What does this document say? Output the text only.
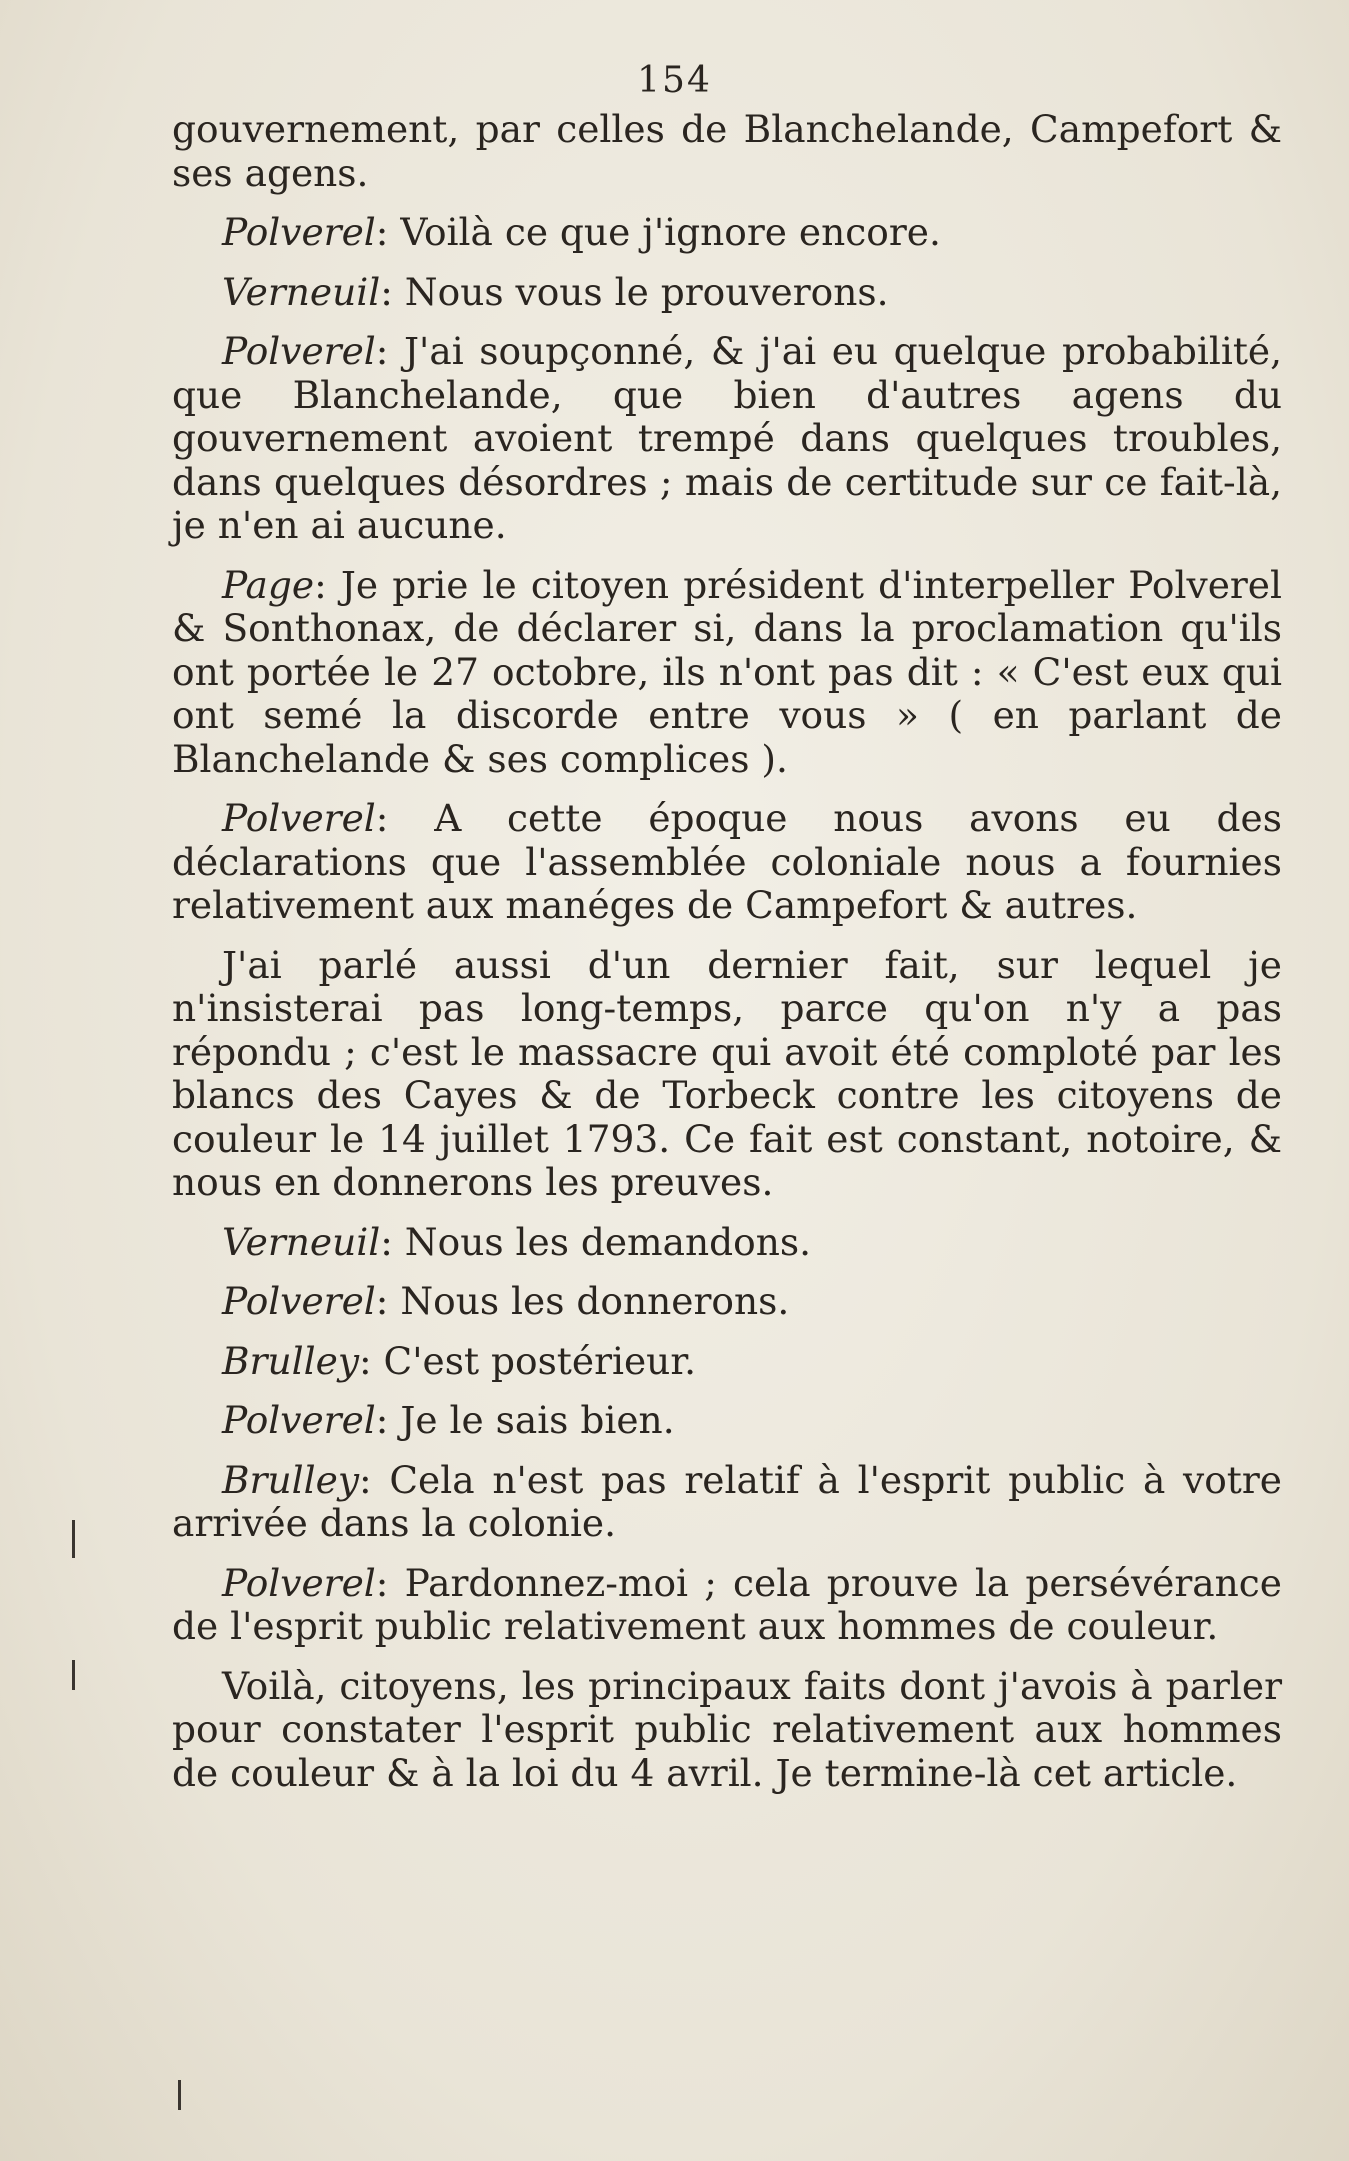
154

gouvernement, par celles de Blanchelande, Campefort & ses agens.

Polverel: Voilà ce que j'ignore encore.

Verneuil: Nous vous le prouverons.

Polverel: J'ai soupçonné, & j'ai eu quelque probabilité, que Blanchelande, que bien d'autres agens du gouvernement avoient trempé dans quelques troubles, dans quelques désordres ; mais de certitude sur ce fait-là, je n'en ai aucune.

Page: Je prie le citoyen président d'interpeller Polverel & Sonthonax, de déclarer si, dans la proclamation qu'ils ont portée le 27 octobre, ils n'ont pas dit : « C'est eux qui ont semé la discorde entre vous » ( en parlant de Blanchelande & ses complices ).

Polverel: A cette époque nous avons eu des déclarations que l'assemblée coloniale nous a fournies relativement aux manéges de Campefort & autres.

J'ai parlé aussi d'un dernier fait, sur lequel je n'insisterai pas long-temps, parce qu'on n'y a pas répondu ; c'est le massacre qui avoit été comploté par les blancs des Cayes & de Torbeck contre les citoyens de couleur le 14 juillet 1793. Ce fait est constant, notoire, & nous en donnerons les preuves.

Verneuil: Nous les demandons.

Polverel: Nous les donnerons.

Brulley: C'est postérieur.

Polverel: Je le sais bien.

Brulley: Cela n'est pas relatif à l'esprit public à votre arrivée dans la colonie.

Polverel: Pardonnez-moi ; cela prouve la persévérance de l'esprit public relativement aux hommes de couleur.

Voilà, citoyens, les principaux faits dont j'avois à parler pour constater l'esprit public relativement aux hommes de couleur & à la loi du 4 avril. Je termine-là cet article.
